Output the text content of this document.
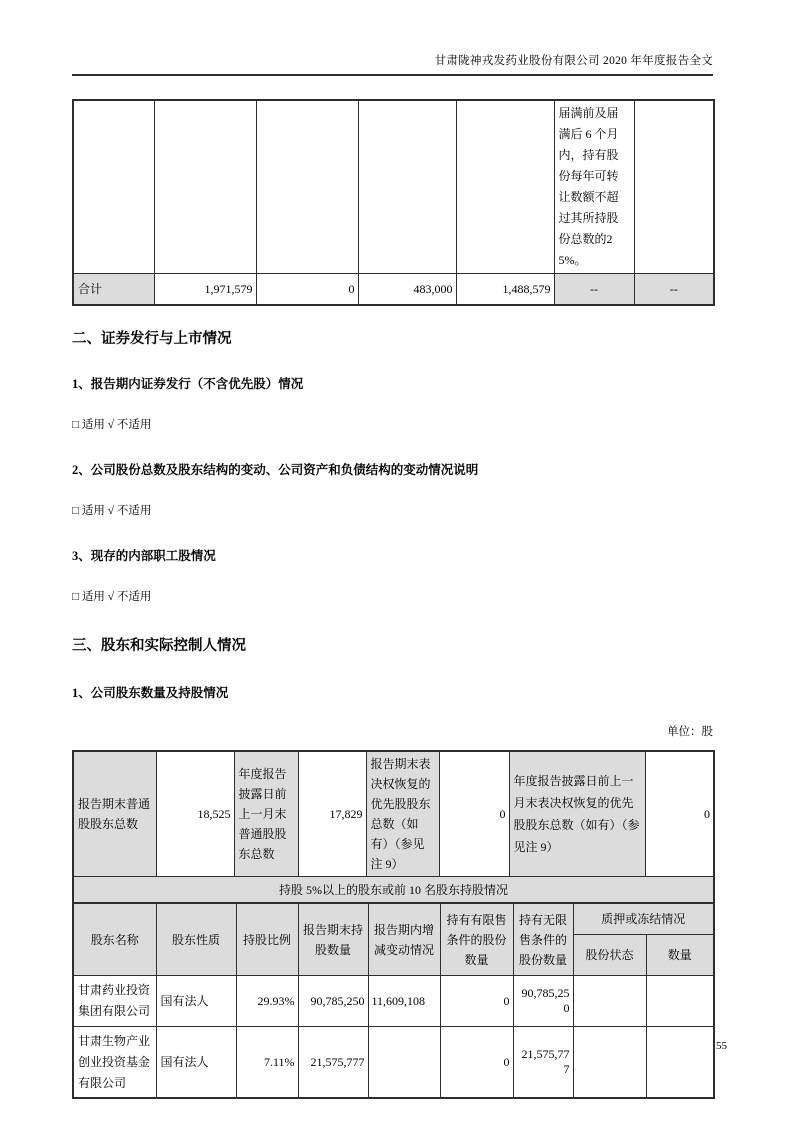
甘肃陇神戎发药业股份有限公司 2020 年年度报告全文
					届满前及届满后 6 个月内，持有股份每年可转让数额不超过其所持股份总数的25%。	
合计	1,971,579	0	483,000	1,488,579	--	--
二、证券发行与上市情况
1、报告期内证券发行（不含优先股）情况
□ 适用 √ 不适用
2、公司股份总数及股东结构的变动、公司资产和负债结构的变动情况说明
□ 适用 √ 不适用
3、现存的内部职工股情况
□ 适用 √ 不适用
三、股东和实际控制人情况
1、公司股东数量及持股情况
单位：股
报告期末普通股股东总数	18,525	年度报告披露日前上一月末普通股股东总数	17,829	报告期末表决权恢复的优先股股东总数（如有）（参见注 9）	0	年度报告披露日前上一月末表决权恢复的优先股股东总数（如有）（参见注 9）	0
持股 5%以上的股东或前 10 名股东持股情况
股东名称	股东性质	持股比例	报告期末持股数量	报告期内增减变动情况	持有有限售条件的股份数量	持有无限售条件的股份数量	质押或冻结情况	
							股份状态	数量
甘肃药业投资集团有限公司	国有法人	29.93%	90,785,250	11,609,108	0	90,785,250		
甘肃生物产业创业投资基金有限公司	国有法人	7.11%	21,575,777		0	21,575,777		
55
